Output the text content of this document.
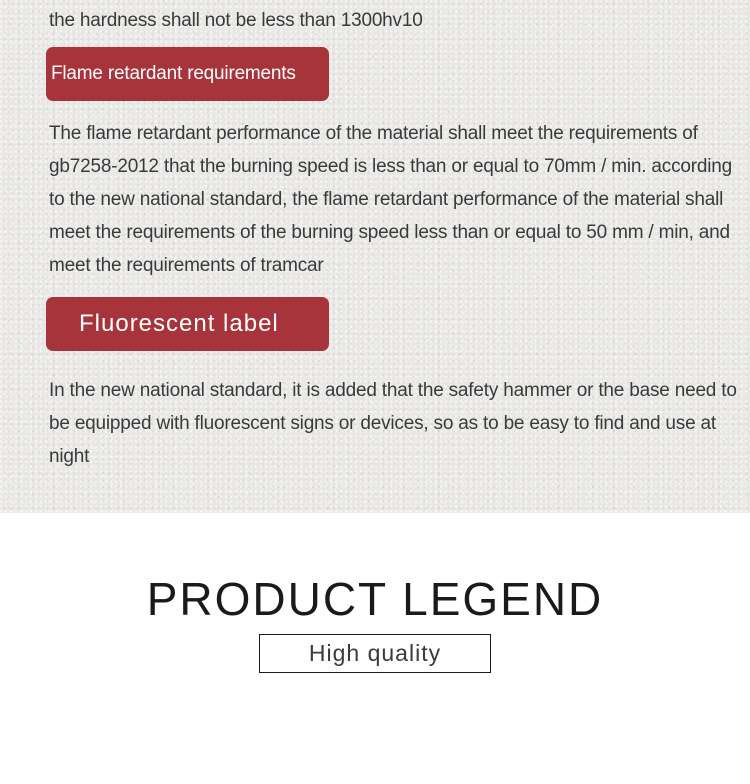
the hardness shall not be less than 1300hv10

Flame retardant requirements

The flame retardant performance of the material shall meet the requirements of gb7258-2012 that the burning speed is less than or equal to 70mm / min. according to the new national standard, the flame retardant performance of the material shall meet the requirements of the burning speed less than or equal to 50 mm / min, and meet the requirements of tramcar

Fluorescent label

In the new national standard, it is added that the safety hammer or the base need to be equipped with fluorescent signs or devices, so as to be easy to find and use at night

PRODUCT LEGEND
High quality
